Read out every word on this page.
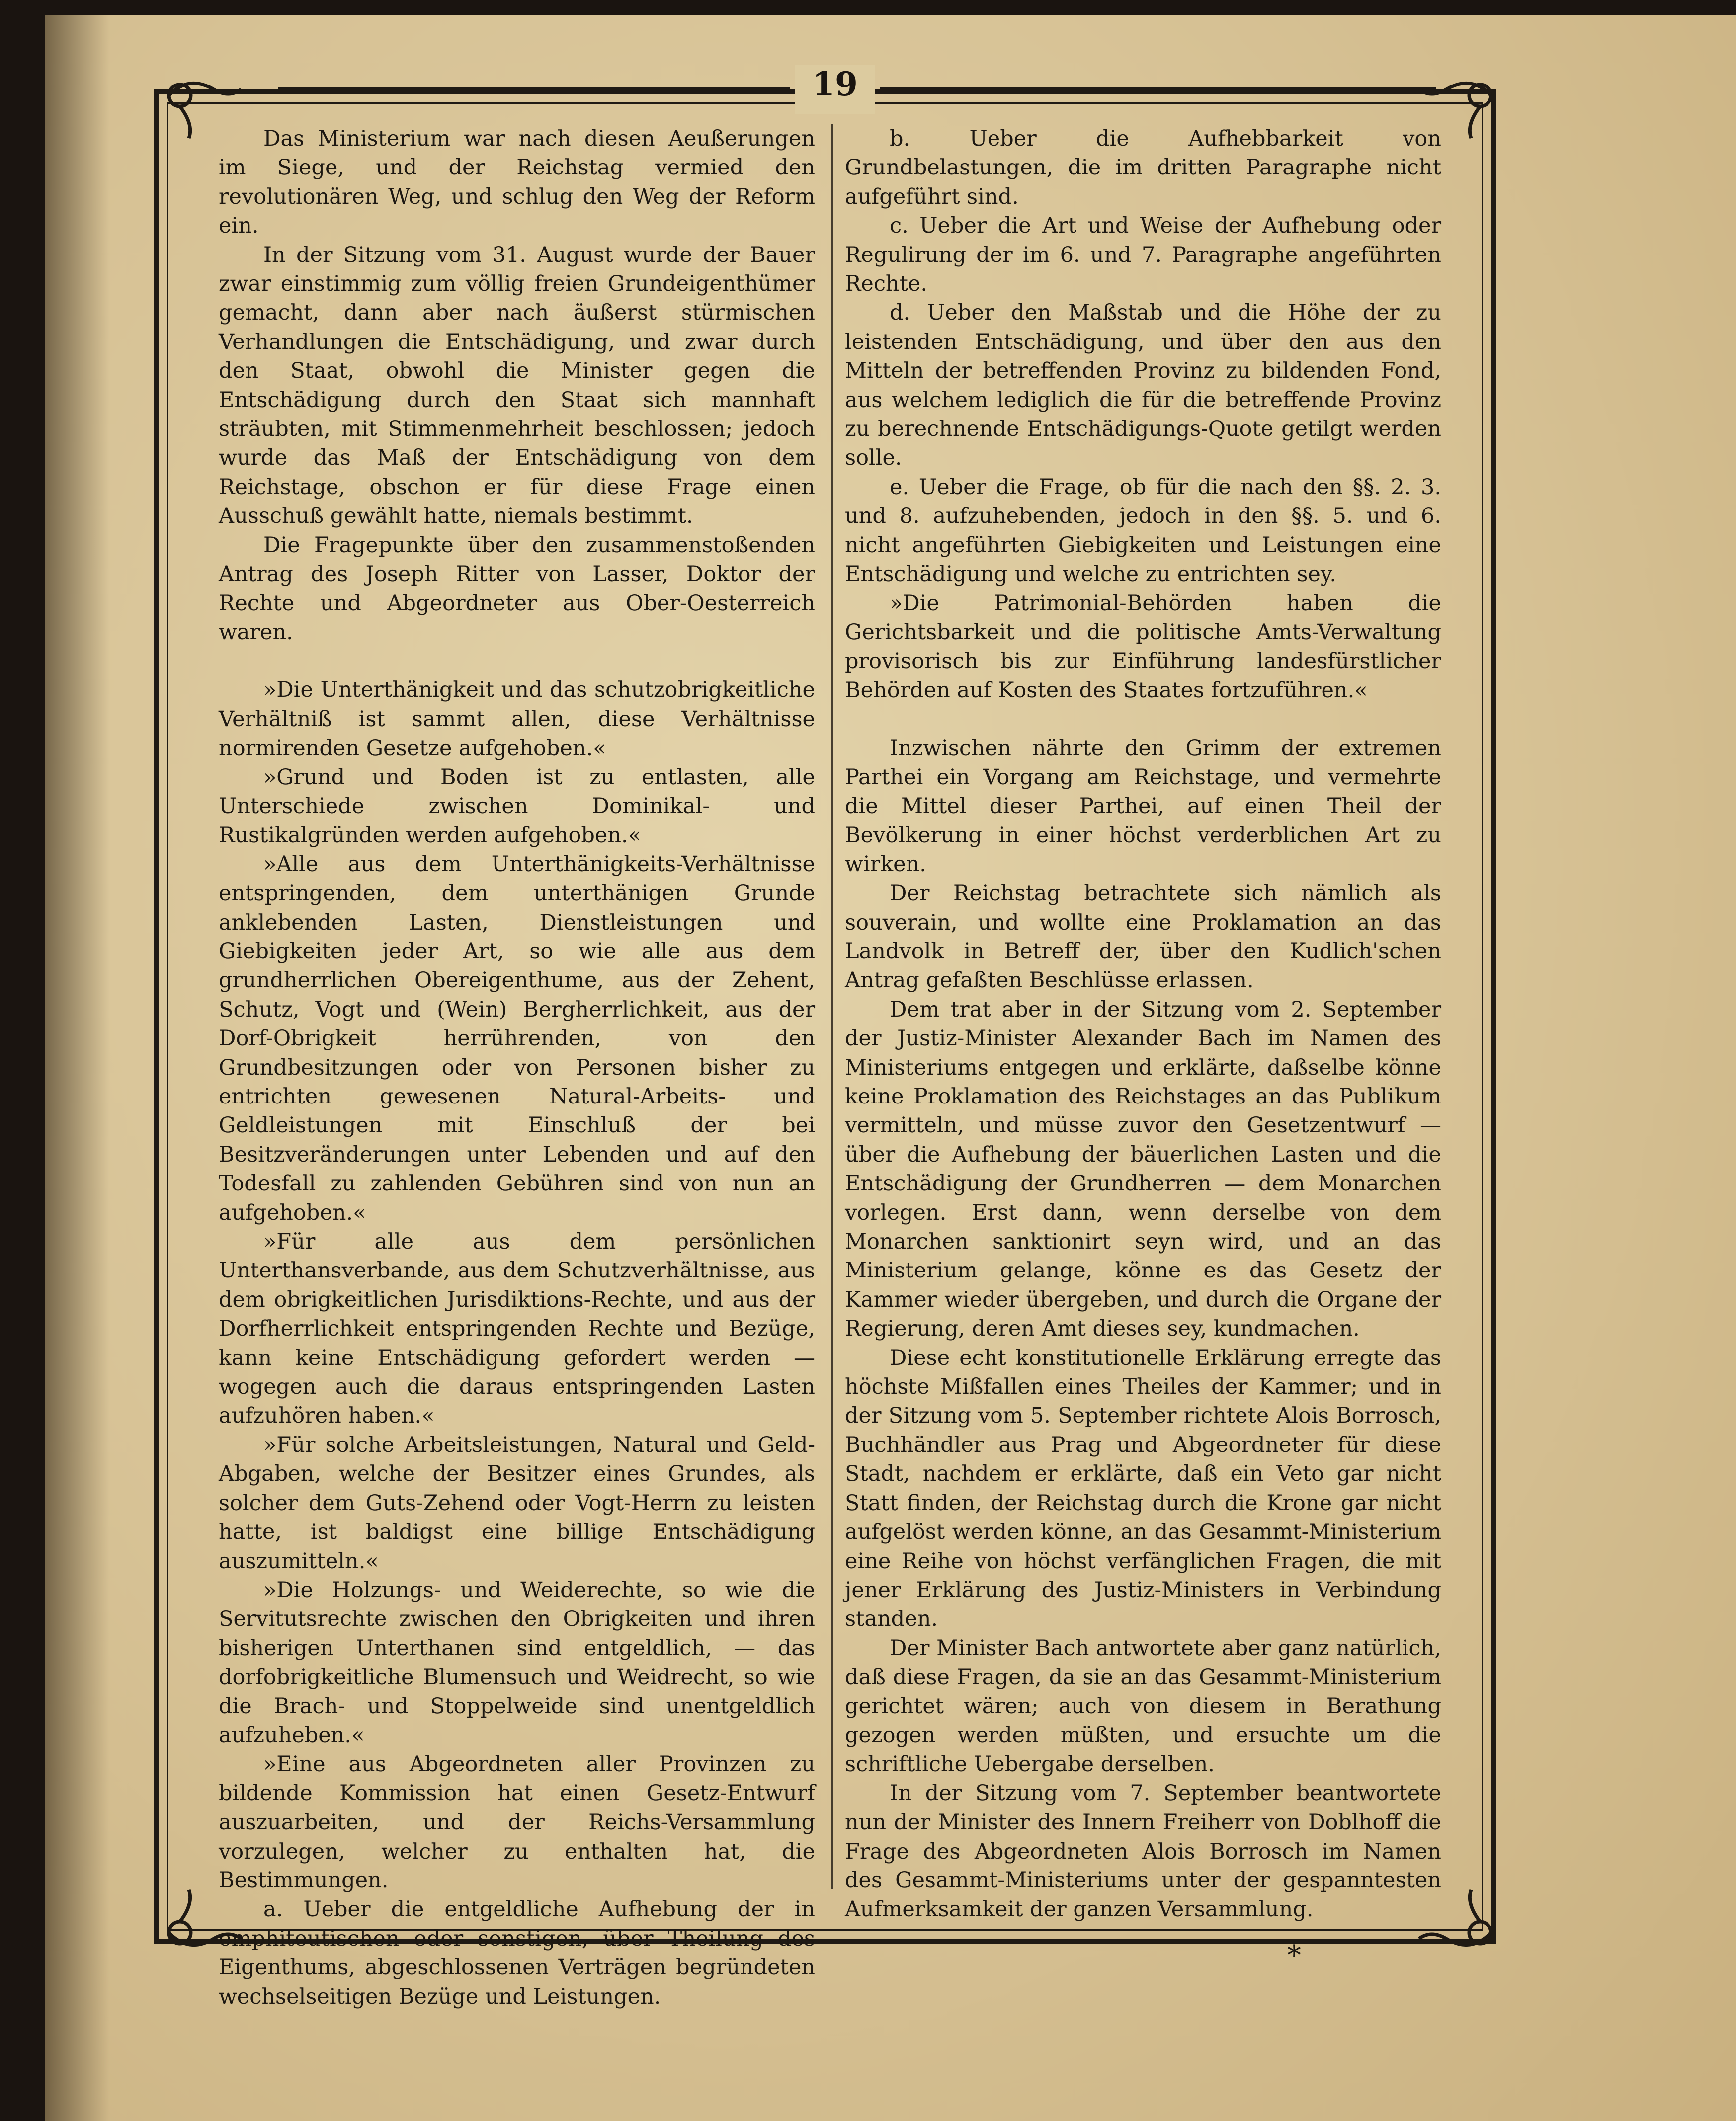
19

Das Ministerium war nach diesen Aeußerungen im Siege, und der Reichstag vermied den revolutionären Weg, und schlug den Weg der Reform ein.

In der Sitzung vom 31. August wurde der Bauer zwar einstimmig zum völlig freien Grundeigenthümer gemacht, dann aber nach äußerst stürmischen Verhandlungen die Entschädigung, und zwar durch den Staat, obwohl die Minister gegen die Entschädigung durch den Staat sich mannhaft sträubten, mit Stimmenmehrheit beschlossen; jedoch wurde das Maß der Entschädigung von dem Reichstage, obschon er für diese Frage einen Ausschuß gewählt hatte, niemals bestimmt.

Die Fragepunkte über den zusammenstoßenden Antrag des Joseph Ritter von Lasser, Doktor der Rechte und Abgeordneter aus Ober-Oesterreich waren.

»Die Unterthänigkeit und das schutzobrigkeitliche Verhältniß ist sammt allen, diese Verhältnisse normirenden Gesetze aufgehoben.«

»Grund und Boden ist zu entlasten, alle Unterschiede zwischen Dominikal- und Rustikalgründen werden aufgehoben.«

»Alle aus dem Unterthänigkeits-Verhältnisse entspringenden, dem unterthänigen Grunde anklebenden Lasten, Dienstleistungen und Giebigkeiten jeder Art, so wie alle aus dem grundherrlichen Obereigenthume, aus der Zehent, Schutz, Vogt und (Wein) Bergherrlichkeit, aus der Dorf-Obrigkeit herrührenden, von den Grundbesitzungen oder von Personen bisher zu entrichten gewesenen Natural-Arbeits- und Geldleistungen mit Einschluß der bei Besitzveränderungen unter Lebenden und auf den Todesfall zu zahlenden Gebühren sind von nun an aufgehoben.«

»Für alle aus dem persönlichen Unterthansverbande, aus dem Schutzverhältnisse, aus dem obrigkeitlichen Jurisdiktions-Rechte, und aus der Dorfherrlichkeit entspringenden Rechte und Bezüge, kann keine Entschädigung gefordert werden — wogegen auch die daraus entspringenden Lasten aufzuhören haben.«

»Für solche Arbeitsleistungen, Natural und Geld-Abgaben, welche der Besitzer eines Grundes, als solcher dem Guts-Zehend oder Vogt-Herrn zu leisten hatte, ist baldigst eine billige Entschädigung auszumitteln.«

»Die Holzungs- und Weiderechte, so wie die Servitutsrechte zwischen den Obrigkeiten und ihren bisherigen Unterthanen sind entgeldlich, — das dorfobrigkeitliche Blumensuch und Weidrecht, so wie die Brach- und Stoppelweide sind unentgeldlich aufzuheben.«

»Eine aus Abgeordneten aller Provinzen zu bildende Kommission hat einen Gesetz-Entwurf auszuarbeiten, und der Reichs-Versammlung vorzulegen, welcher zu enthalten hat, die Bestimmungen.

a. Ueber die entgeldliche Aufhebung der in emphiteutischen oder sonstigen, über Theilung des Eigenthums, abgeschlossenen Verträgen begründeten wechselseitigen Bezüge und Leistungen.

b. Ueber die Aufhebbarkeit von Grundbelastungen, die im dritten Paragraphe nicht aufgeführt sind.

c. Ueber die Art und Weise der Aufhebung oder Regulirung der im 6. und 7. Paragraphe angeführten Rechte.

d. Ueber den Maßstab und die Höhe der zu leistenden Entschädigung, und über den aus den Mitteln der betreffenden Provinz zu bildenden Fond, aus welchem lediglich die für die betreffende Provinz zu berechnende Entschädigungs-Quote getilgt werden solle.

e. Ueber die Frage, ob für die nach den §§. 2. 3. und 8. aufzuhebenden, jedoch in den §§. 5. und 6. nicht angeführten Giebigkeiten und Leistungen eine Entschädigung und welche zu entrichten sey.

»Die Patrimonial-Behörden haben die Gerichtsbarkeit und die politische Amts-Verwaltung provisorisch bis zur Einführung landesfürstlicher Behörden auf Kosten des Staates fortzuführen.«

Inzwischen nährte den Grimm der extremen Parthei ein Vorgang am Reichstage, und vermehrte die Mittel dieser Parthei, auf einen Theil der Bevölkerung in einer höchst verderblichen Art zu wirken.

Der Reichstag betrachtete sich nämlich als souverain, und wollte eine Proklamation an das Landvolk in Betreff der, über den Kudlich'schen Antrag gefaßten Beschlüsse erlassen.

Dem trat aber in der Sitzung vom 2. September der Justiz-Minister Alexander Bach im Namen des Ministeriums entgegen und erklärte, daßselbe könne keine Proklamation des Reichstages an das Publikum vermitteln, und müsse zuvor den Gesetzentwurf — über die Aufhebung der bäuerlichen Lasten und die Entschädigung der Grundherren — dem Monarchen vorlegen. Erst dann, wenn derselbe von dem Monarchen sanktionirt seyn wird, und an das Ministerium gelange, könne es das Gesetz der Kammer wieder übergeben, und durch die Organe der Regierung, deren Amt dieses sey, kundmachen.

Diese echt konstitutionelle Erklärung erregte das höchste Mißfallen eines Theiles der Kammer; und in der Sitzung vom 5. September richtete Alois Borrosch, Buchhändler aus Prag und Abgeordneter für diese Stadt, nachdem er erklärte, daß ein Veto gar nicht Statt finden, der Reichstag durch die Krone gar nicht aufgelöst werden könne, an das Gesammt-Ministerium eine Reihe von höchst verfänglichen Fragen, die mit jener Erklärung des Justiz-Ministers in Verbindung standen.

Der Minister Bach antwortete aber ganz natürlich, daß diese Fragen, da sie an das Gesammt-Ministerium gerichtet wären; auch von diesem in Berathung gezogen werden müßten, und ersuchte um die schriftliche Uebergabe derselben.

In der Sitzung vom 7. September beantwortete nun der Minister des Innern Freiherr von Doblhoff die Frage des Abgeordneten Alois Borrosch im Namen des Gesammt-Ministeriums unter der gespanntesten Aufmerksamkeit der ganzen Versammlung.

*
